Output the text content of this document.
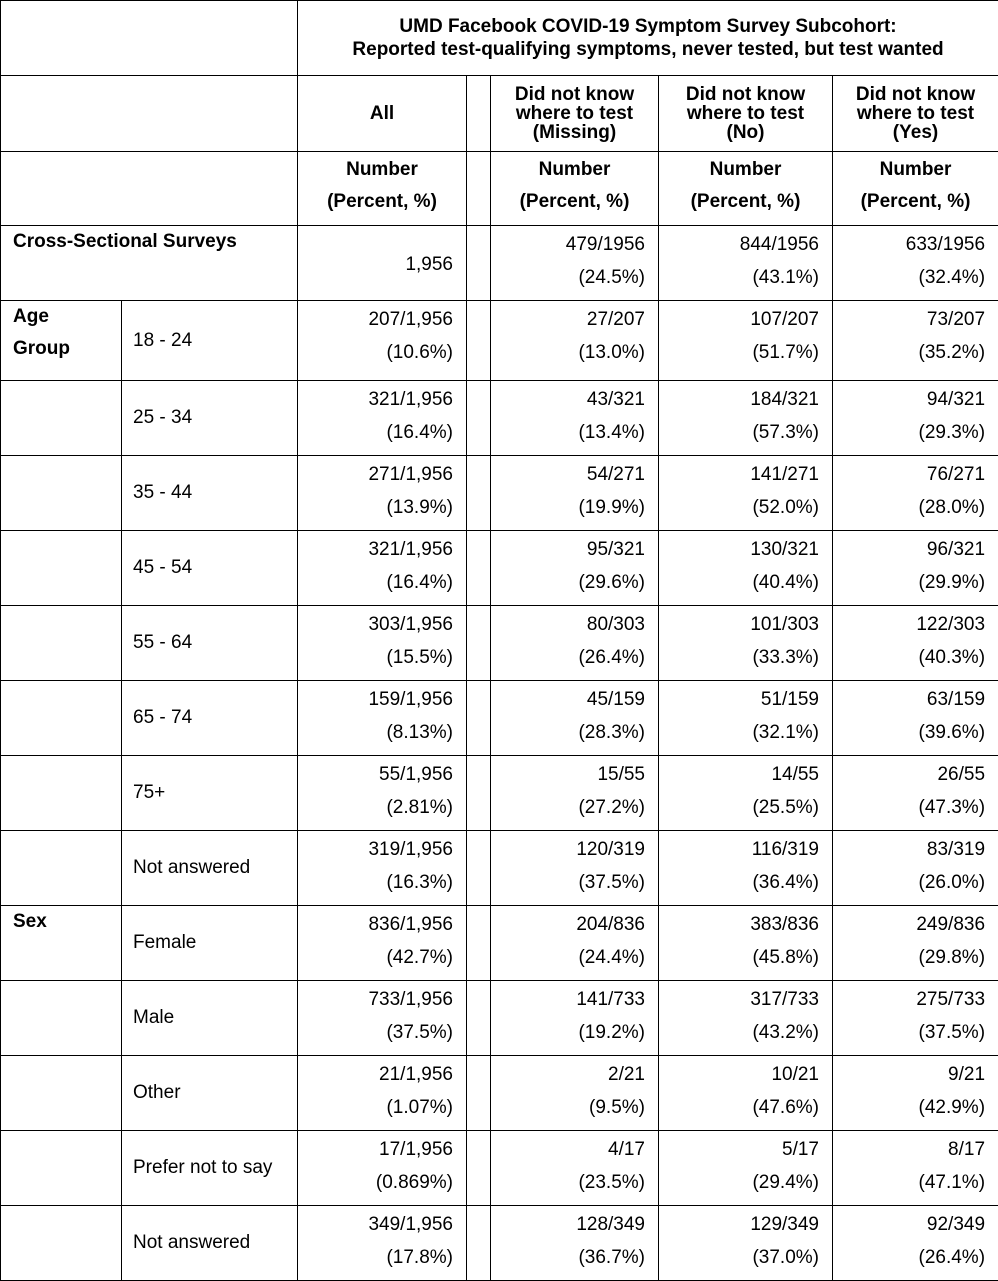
		UMD Facebook COVID-19 Symptom Survey Subcohort:
Reported test-qualifying symptoms, never tested, but test wanted				

		All		Did not know
where to test
(Missing)	Did not know
where to test
(No)	Did not know
where to test
(Yes)

		Number
(Percent, %)		Number
(Percent, %)	Number
(Percent, %)	Number
(Percent, %)

Cross-Sectional Surveys		1,956		479/1956
(24.5%)	844/1956
(43.1%)	633/1956
(32.4%)

Age
Group	18 - 24	207/1,956
(10.6%)		27/207
(13.0%)	107/207
(51.7%)	73/207
(35.2%)

	25 - 34	321/1,956
(16.4%)		43/321
(13.4%)	184/321
(57.3%)	94/321
(29.3%)

	35 - 44	271/1,956
(13.9%)		54/271
(19.9%)	141/271
(52.0%)	76/271
(28.0%)

	45 - 54	321/1,956
(16.4%)		95/321
(29.6%)	130/321
(40.4%)	96/321
(29.9%)

	55 - 64	303/1,956
(15.5%)		80/303
(26.4%)	101/303
(33.3%)	122/303
(40.3%)

	65 - 74	159/1,956
(8.13%)		45/159
(28.3%)	51/159
(32.1%)	63/159
(39.6%)

	75+	55/1,956
(2.81%)		15/55
(27.2%)	14/55
(25.5%)	26/55
(47.3%)

	Not answered	319/1,956
(16.3%)		120/319
(37.5%)	116/319
(36.4%)	83/319
(26.0%)

Sex	Female	836/1,956
(42.7%)		204/836
(24.4%)	383/836
(45.8%)	249/836
(29.8%)

	Male	733/1,956
(37.5%)		141/733
(19.2%)	317/733
(43.2%)	275/733
(37.5%)

	Other	21/1,956
(1.07%)		2/21
(9.5%)	10/21
(47.6%)	9/21
(42.9%)

	Prefer not to say	17/1,956
(0.869%)		4/17
(23.5%)	5/17
(29.4%)	8/17
(47.1%)

	Not answered	349/1,956
(17.8%)		128/349
(36.7%)	129/349
(37.0%)	92/349
(26.4%)
